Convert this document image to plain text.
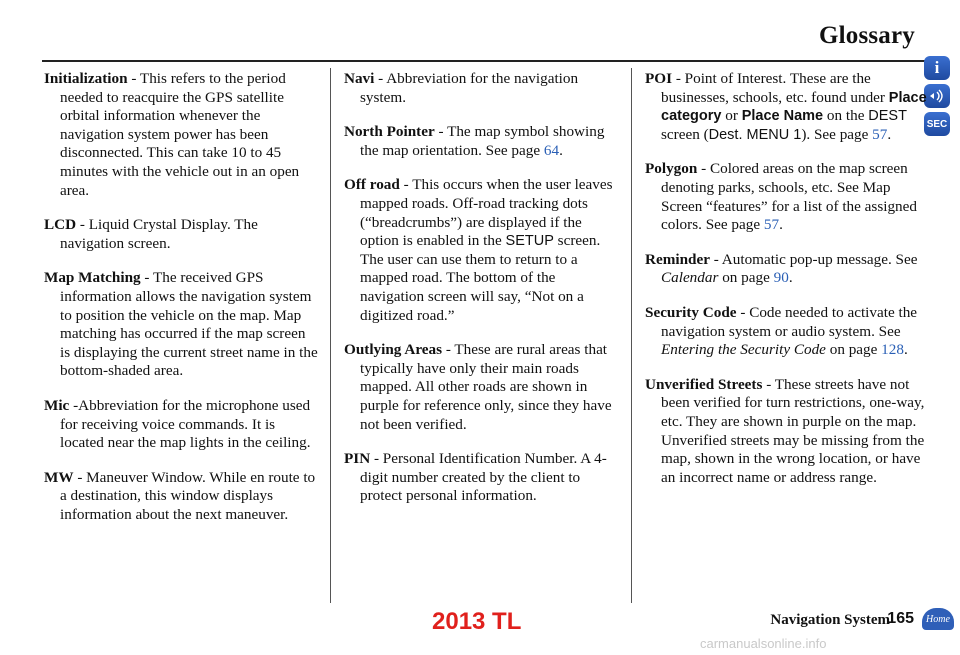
Glossary
i
SEC

Initialization - This refers to the period needed to reacquire the GPS satellite orbital information whenever the navigation system power has been disconnected. This can take 10 to 45 minutes with the vehicle out in an open area.

LCD - Liquid Crystal Display. The navigation screen.

Map Matching - The received GPS information allows the navigation system to position the vehicle on the map. Map matching has occurred if the map screen is displaying the current street name in the bottom-shaded area.

Mic -Abbreviation for the microphone used for receiving voice commands. It is located near the map lights in the ceiling.

MW - Maneuver Window. While en route to a destination, this window displays information about the next maneuver.

Navi - Abbreviation for the navigation system.

North Pointer - The map symbol showing the map orientation. See page 64.

Off road - This occurs when the user leaves mapped roads. Off-road tracking dots (“breadcrumbs”) are displayed if the option is enabled in the SETUP screen. The user can use them to return to a mapped road. The bottom of the navigation screen will say, “Not on a digitized road.”

Outlying Areas - These are rural areas that typically have only their main roads mapped. All other roads are shown in purple for reference only, since they have not been verified.

PIN - Personal Identification Number. A 4-digit number created by the client to protect personal information.

POI - Point of Interest. These are the businesses, schools, etc. found under Place category or Place Name on the DEST screen (Dest. MENU 1). See page 57.

Polygon - Colored areas on the map screen denoting parks, schools, etc. See Map Screen “features” for a list of the assigned colors. See page 57.

Reminder - Automatic pop-up message. See Calendar on page 90.

Security Code - Code needed to activate the navigation system or audio system. See Entering the Security Code on page 128.

Unverified Streets - These streets have not been verified for turn restrictions, one-way, etc. They are shown in purple on the map. Unverified streets may be missing from the map, shown in the wrong location, or have an incorrect name or address range.

Navigation System
165	Home
2013 TL
carmanualsonline.info
